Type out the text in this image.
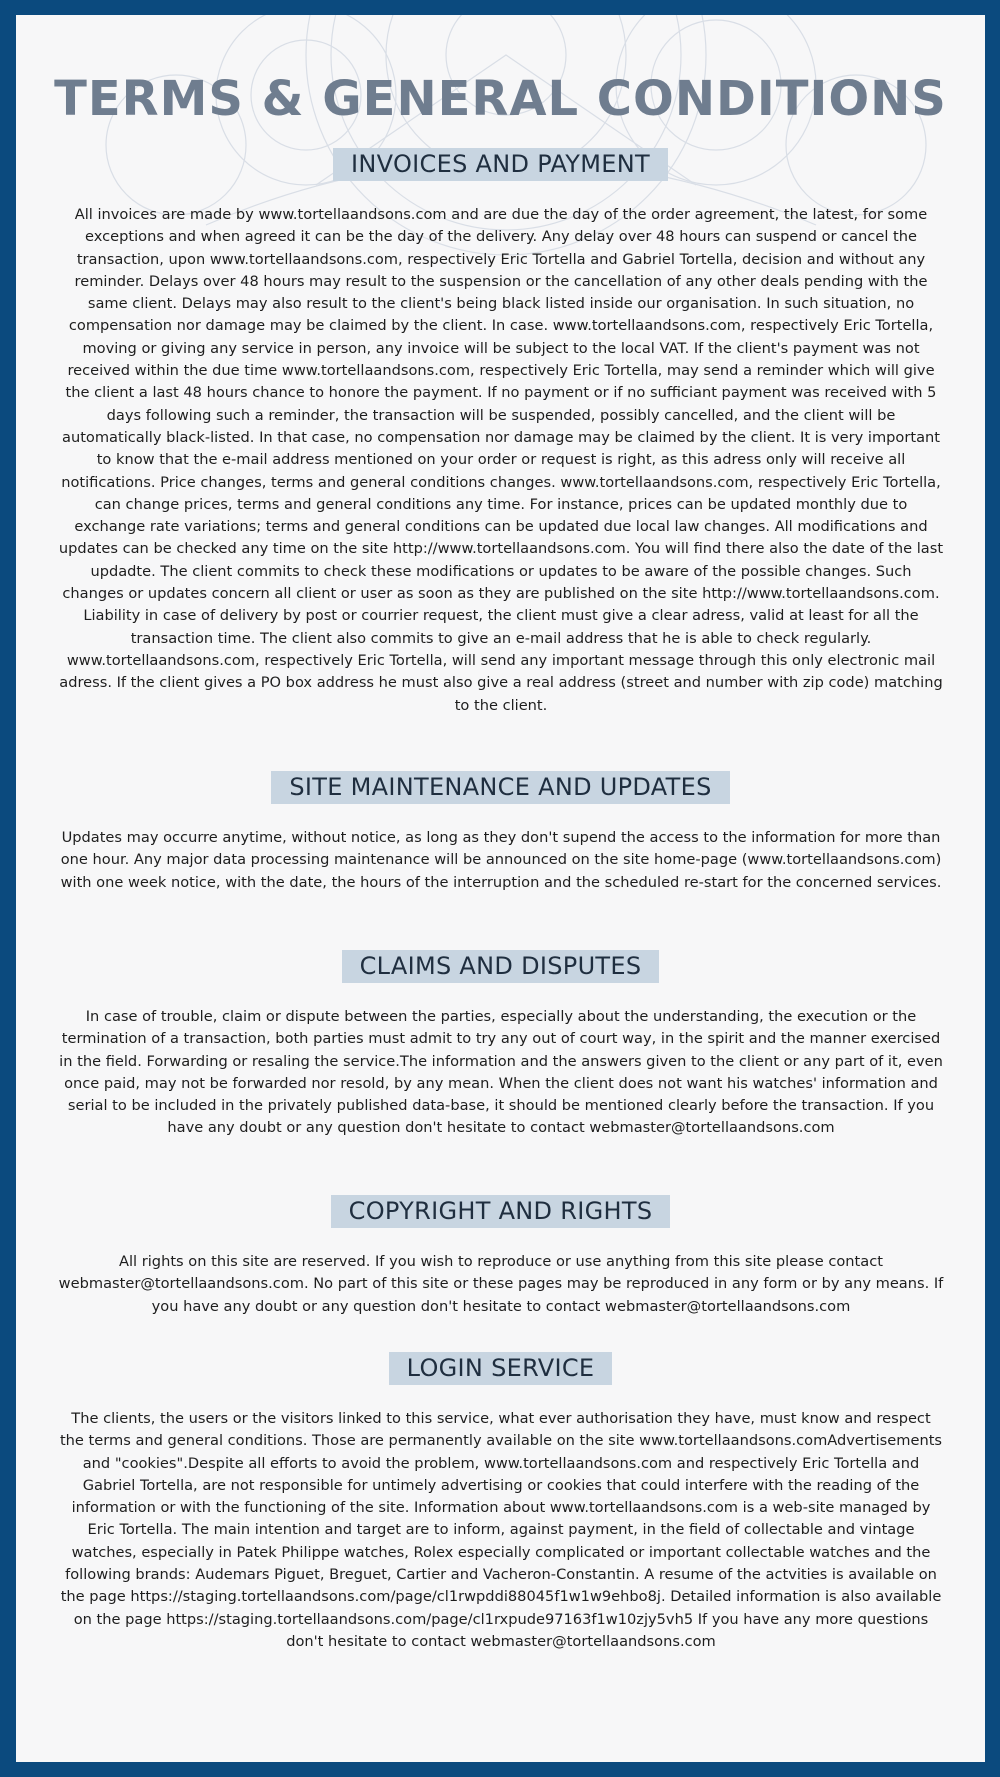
TERMS & GENERAL CONDITIONS
INVOICES AND PAYMENT

All invoices are made by www.tortellaandsons.com and are due the day of the order agreement, the latest, for some exceptions and when agreed it can be the day of the delivery. Any delay over 48 hours can suspend or cancel the transaction, upon www.tortellaandsons.com, respectively Eric Tortella and Gabriel Tortella, decision and without any reminder. Delays over 48 hours may result to the suspension or the cancellation of any other deals pending with the same client. Delays may also result to the client's being black listed inside our organisation. In such situation, no compensation nor damage may be claimed by the client. In case. www.tortellaandsons.com, respectively Eric Tortella, moving or giving any service in person, any invoice will be subject to the local VAT. If the client's payment was not received within the due time www.tortellaandsons.com, respectively Eric Tortella, may send a reminder which will give the client a last 48 hours chance to honore the payment. If no payment or if no sufficiant payment was received with 5 days following such a reminder, the transaction will be suspended, possibly cancelled, and the client will be automatically black-listed. In that case, no compensation nor damage may be claimed by the client. It is very important to know that the e-mail address mentioned on your order or request is right, as this adress only will receive all notifications. Price changes, terms and general conditions changes. www.tortellaandsons.com, respectively Eric Tortella, can change prices, terms and general conditions any time. For instance, prices can be updated monthly due to exchange rate variations; terms and general conditions can be updated due local law changes. All modifications and updates can be checked any time on the site http://www.tortellaandsons.com. You will find there also the date of the last updadte. The client commits to check these modifications or updates to be aware of the possible changes. Such changes or updates concern all client or user as soon as they are published on the site http://www.tortellaandsons.com. Liability in case of delivery by post or courrier request, the client must give a clear adress, valid at least for all the transaction time. The client also commits to give an e-mail address that he is able to check regularly. www.tortellaandsons.com, respectively Eric Tortella, will send any important message through this only electronic mail adress. If the client gives a PO box address he must also give a real address (street and number with zip code) matching to the client.

SITE MAINTENANCE AND UPDATES

Updates may occurre anytime, without notice, as long as they don't supend the access to the information for more than one hour. Any major data processing maintenance will be announced on the site home-page (www.tortellaandsons.com) with one week notice, with the date, the hours of the interruption and the scheduled re-start for the concerned services.

CLAIMS AND DISPUTES

In case of trouble, claim or dispute between the parties, especially about the understanding, the execution or the termination of a transaction, both parties must admit to try any out of court way, in the spirit and the manner exercised in the field. Forwarding or resaling the service.The information and the answers given to the client or any part of it, even once paid, may not be forwarded nor resold, by any mean. When the client does not want his watches' information and serial to be included in the privately published data-base, it should be mentioned clearly before the transaction. If you have any doubt or any question don't hesitate to contact webmaster@tortellaandsons.com

COPYRIGHT AND RIGHTS

All rights on this site are reserved. If you wish to reproduce or use anything from this site please contact webmaster@tortellaandsons.com. No part of this site or these pages may be reproduced in any form or by any means. If you have any doubt or any question don't hesitate to contact webmaster@tortellaandsons.com

LOGIN SERVICE

The clients, the users or the visitors linked to this service, what ever authorisation they have, must know and respect the terms and general conditions. Those are permanently available on the site www.tortellaandsons.comAdvertisements and "cookies".Despite all efforts to avoid the problem, www.tortellaandsons.com and respectively Eric Tortella and Gabriel Tortella, are not responsible for untimely advertising or cookies that could interfere with the reading of the information or with the functioning of the site. Information about www.tortellaandsons.com is a web-site managed by Eric Tortella. The main intention and target are to inform, against payment, in the field of collectable and vintage watches, especially in Patek Philippe watches, Rolex especially complicated or important collectable watches and the following brands: Audemars Piguet, Breguet, Cartier and Vacheron-Constantin. A resume of the actvities is available on the page https://staging.tortellaandsons.com/page/cl1rwpddi88045f1w1w9ehbo8j. Detailed information is also available on the page https://staging.tortellaandsons.com/page/cl1rxpude97163f1w10zjy5vh5 If you have any more questions don't hesitate to contact webmaster@tortellaandsons.com
